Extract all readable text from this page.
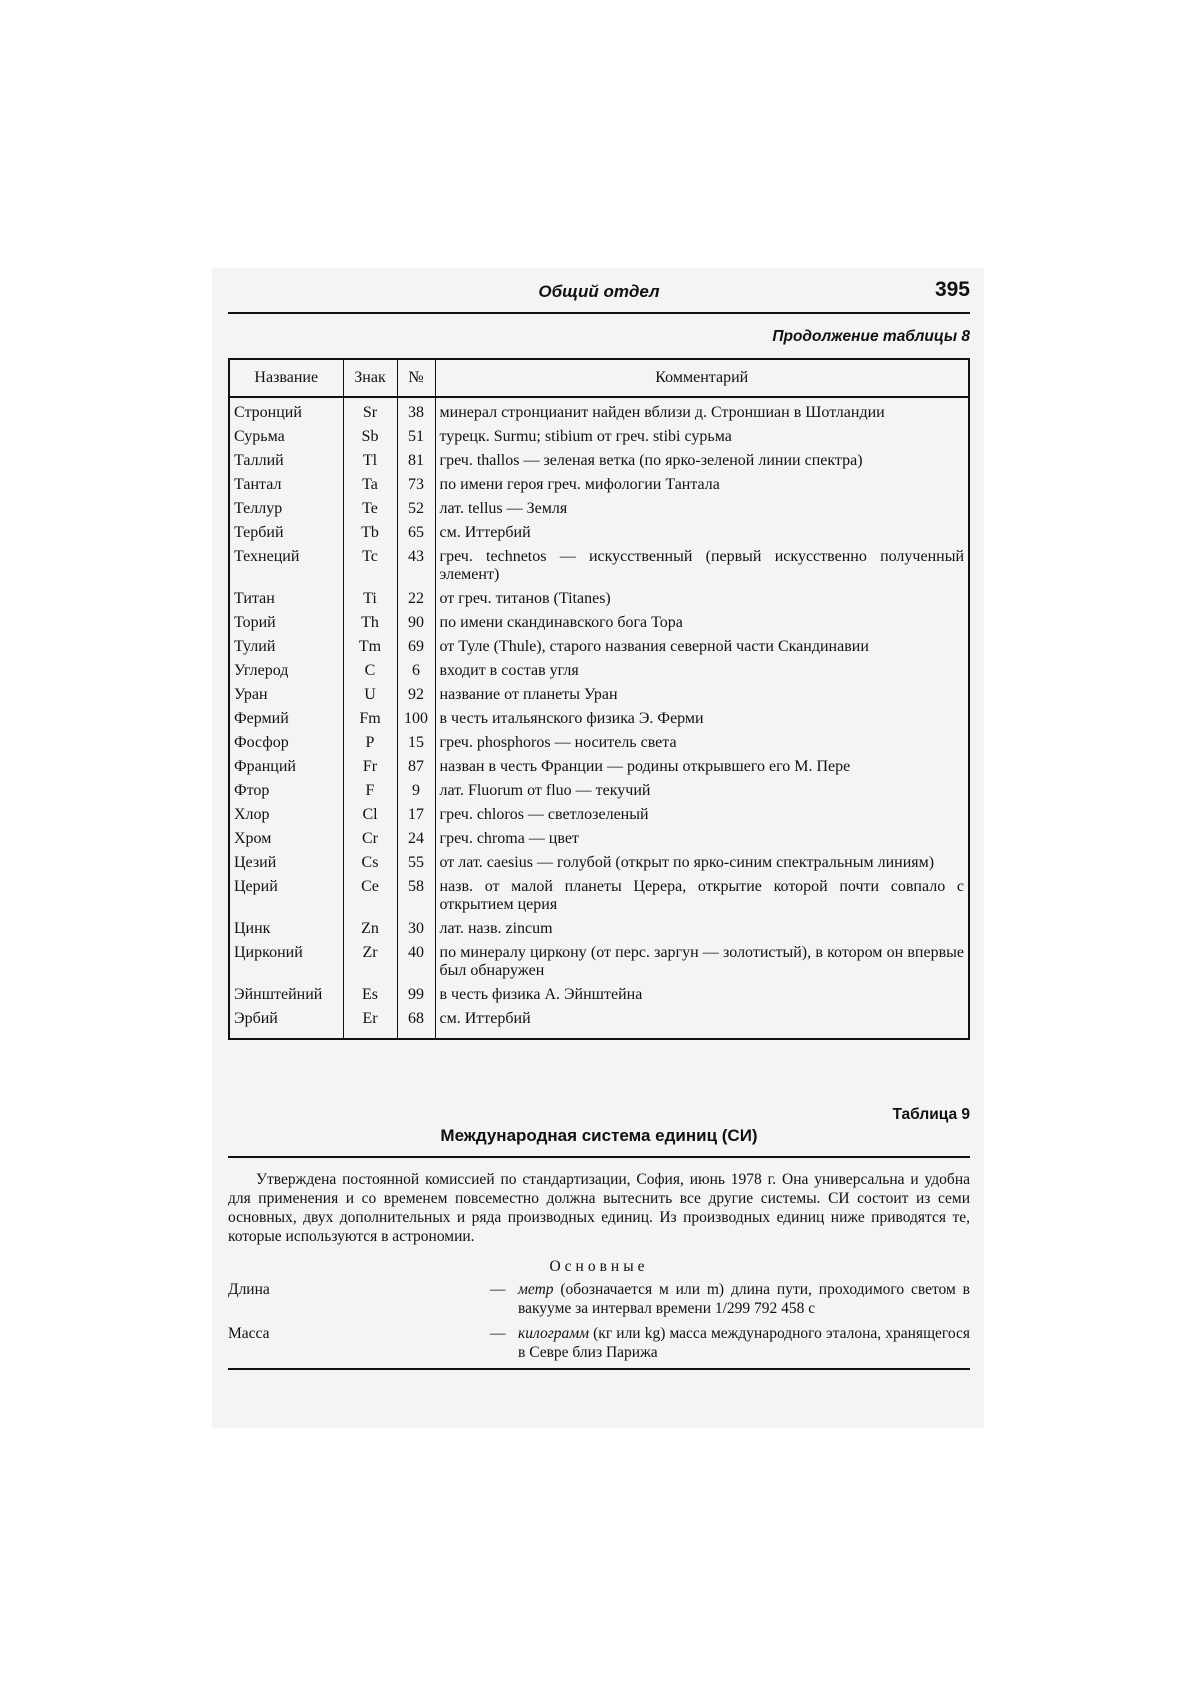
Общий отдел	395
Продолжение таблицы 8
Название	Знак	№	Комментарий
Стронций	Sr	38	минерал стронцианит найден вблизи д. Строншиан в Шотландии
Сурьма	Sb	51	турецк. Surmu; stibium от греч. stibi сурьма
Таллий	Tl	81	греч. thallos — зеленая ветка (по ярко-зеленой линии спектра)
Тантал	Ta	73	по имени героя греч. мифологии Тантала
Теллур	Te	52	лат. tellus — Земля
Тербий	Tb	65	см. Иттербий
Технеций	Tc	43	греч. technetos — искусственный (первый искусственно полученный элемент)
Титан	Ti	22	от греч. титанов (Titanes)
Торий	Th	90	по имени скандинавского бога Тора
Тулий	Tm	69	от Туле (Thule), старого названия северной части Скандинавии
Углерод	C	6	входит в состав угля
Уран	U	92	название от планеты Уран
Фермий	Fm	100	в честь итальянского физика Э. Ферми
Фосфор	P	15	греч. phosphoros — носитель света
Франций	Fr	87	назван в честь Франции — родины открывшего его М. Пере
Фтор	F	9	лат. Fluorum от fluo — текучий
Хлор	Cl	17	греч. chloros — светлозеленый
Хром	Cr	24	греч. chroma — цвет
Цезий	Cs	55	от лат. caesius — голубой (открыт по ярко-синим спектральным линиям)
Церий	Ce	58	назв. от малой планеты Церера, открытие которой почти совпало с открытием церия
Цинк	Zn	30	лат. назв. zincum
Цирконий	Zr	40	по минералу циркону (от перс. заргун — золотистый), в котором он впервые был обнаружен
Эйнштейний	Es	99	в честь физика А. Эйнштейна
Эрбий	Er	68	см. Иттербий
Таблица 9
Международная система единиц (СИ)
Утверждена постоянной комиссией по стандартизации, София, июнь 1978 г. Она универсальна и удобна для применения и со временем повсеместно должна вытеснить все другие системы. СИ состоит из семи основных, двух дополнительных и ряда производных единиц. Из производных единиц ниже приводятся те, которые используются в астрономии.
Основные
Длина	— метр (обозначается м или m) длина пути, проходимого светом в вакууме за интервал времени 1/299 792 458 с
Масса	— килограмм (кг или kg) масса международного эталона, хранящегося в Севре близ Парижа
